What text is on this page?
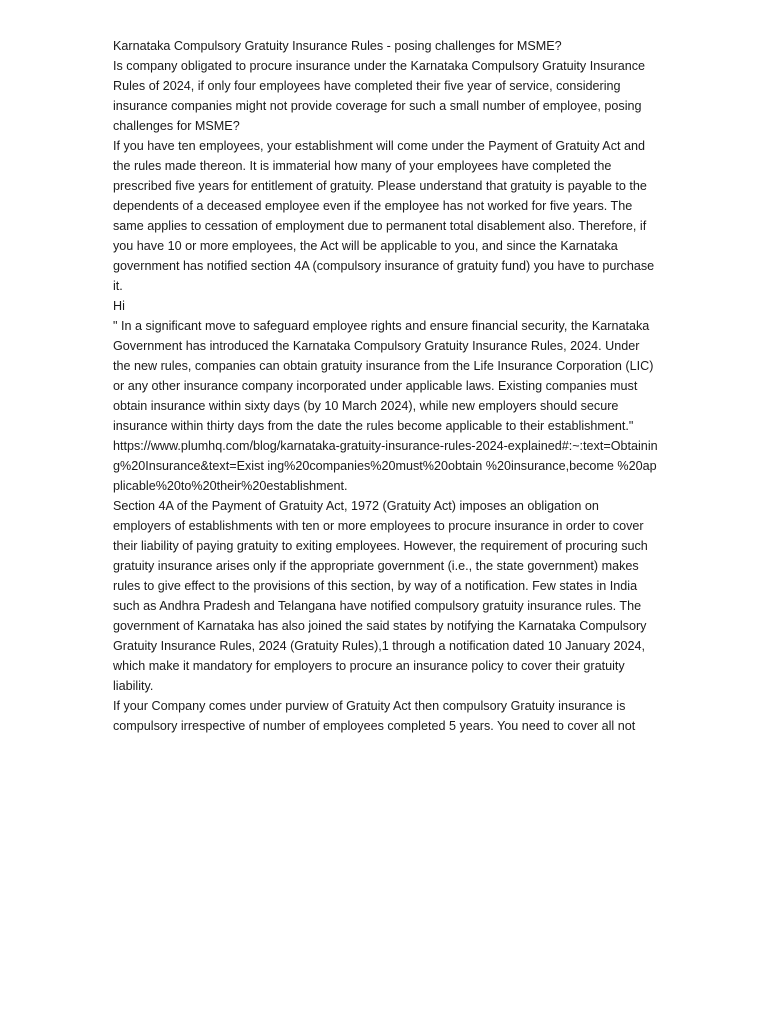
Karnataka Compulsory Gratuity Insurance Rules - posing challenges for MSME?

Is company obligated to procure insurance under the Karnataka Compulsory Gratuity Insurance Rules of 2024, if only four employees have completed their five year of service, considering insurance companies might not provide coverage for such a small number of employee, posing challenges for MSME?

If you have ten employees, your establishment will come under the Payment of Gratuity Act and the rules made thereon. It is immaterial how many of your employees have completed the prescribed five years for entitlement of gratuity. Please understand that gratuity is payable to the dependents of a deceased employee even if the employee has not worked for five years. The same applies to cessation of employment due to permanent total disablement also. Therefore, if you have 10 or more employees, the Act will be applicable to you, and since the Karnataka government has notified section 4A (compulsory insurance of gratuity fund) you have to purchase it.

Hi

" In a significant move to safeguard employee rights and ensure financial security, the Karnataka Government has introduced the Karnataka Compulsory Gratuity Insurance Rules, 2024. Under the new rules, companies can obtain gratuity insurance from the Life Insurance Corporation (LIC) or any other insurance company incorporated under applicable laws. Existing companies must obtain insurance within sixty days (by 10 March 2024), while new employers should secure insurance within thirty days from the date the rules become applicable to their establishment."

https://www.plumhq.com/blog/karnataka-gratuity-insurance-rules-2024-explained#:~:text=Obtaining%20Insurance&text=Exist ing%20companies%20must%20obtain %20insurance,become %20applicable%20to%20their%20establishment.

Section 4A of the Payment of Gratuity Act, 1972 (Gratuity Act) imposes an obligation on employers of establishments with ten or more employees to procure insurance in order to cover their liability of paying gratuity to exiting employees. However, the requirement of procuring such gratuity insurance arises only if the appropriate government (i.e., the state government) makes rules to give effect to the provisions of this section, by way of a notification. Few states in India such as Andhra Pradesh and Telangana have notified compulsory gratuity insurance rules. The government of Karnataka has also joined the said states by notifying the Karnataka Compulsory Gratuity Insurance Rules, 2024 (Gratuity Rules),1 through a notification dated 10 January 2024, which make it mandatory for employers to procure an insurance policy to cover their gratuity liability.

If your Company comes under purview of Gratuity Act then compulsory Gratuity insurance is compulsory irrespective of number of employees completed 5 years. You need to cover all not
